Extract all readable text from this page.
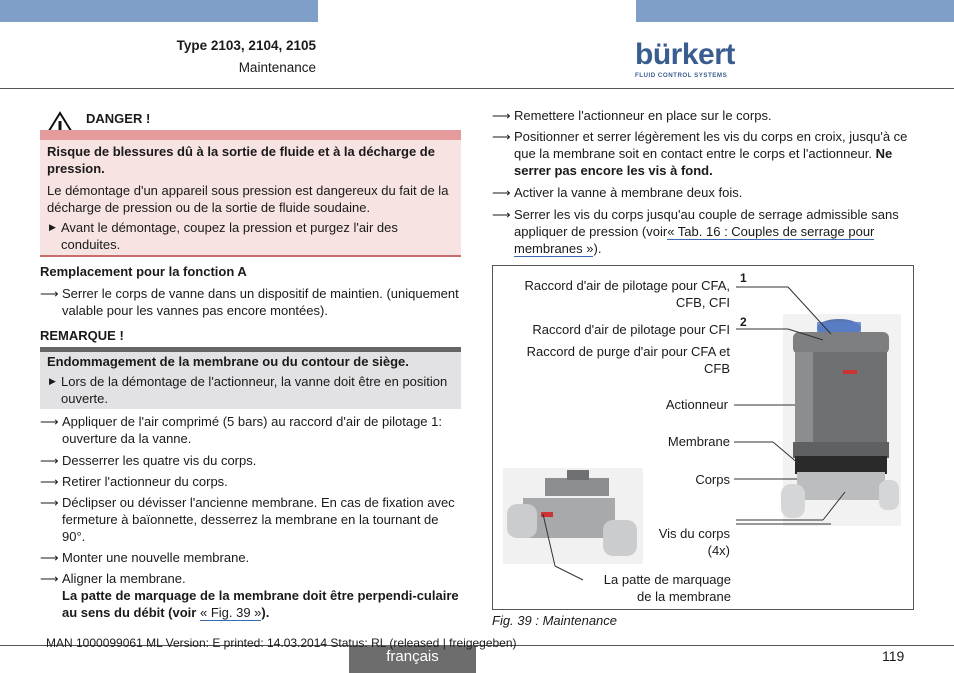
Type 2103, 2104, 2105
Maintenance	bürkert
FLUID CONTROL SYSTEMS
DANGER !
Risque de blessures dû à la sortie de fluide et à la décharge de pression.
Le démontage d'un appareil sous pression est dangereux du fait de la décharge de pression ou de la sortie de fluide soudaine.
▶ Avant le démontage, coupez la pression et purgez l'air des conduites.
Remplacement pour la fonction A
⟶ Serrer le corps de vanne dans un dispositif de maintien. (uniquement valable pour les vannes pas encore montées).
REMARQUE !
Endommagement de la membrane ou du contour de siège.
▶ Lors de la démontage de l'actionneur, la vanne doit être en position ouverte.
⟶ Appliquer de l'air comprimé (5 bars) au raccord d'air de pilotage 1: ouverture da la vanne.
⟶ Desserrer les quatre vis du corps.
⟶ Retirer l'actionneur du corps.
⟶ Déclipser ou dévisser l'ancienne membrane. En cas de fixation avec fermeture à baïonnette, desserrez la membrane en la tournant de 90°.
⟶ Monter une nouvelle membrane.
⟶ Aligner la membrane.
La patte de marquage de la membrane doit être perpendi-culaire au sens du débit (voir « Fig. 39 »).
⟶ Remettere l'actionneur en place sur le corps.
⟶ Positionner et serrer légèrement les vis du corps en croix, jusqu'à ce que la membrane soit en contact entre le corps et l'actionneur. Ne serrer pas encore les vis à fond.
⟶ Activer la vanne à membrane deux fois.
⟶ Serrer les vis du corps jusqu'au couple de serrage admissible sans appliquer de pression (voir« Tab. 16 : Couples de serrage pour membranes »).
1
2
Raccord d'air de pilotage pour CFA, CFB, CFI
Raccord d'air de pilotage pour CFI
Raccord de purge d'air pour CFA et CFB
Actionneur
Membrane
Corps
Vis du corps (4x)
La patte de marquage de la membrane
Fig. 39 : Maintenance
français
MAN 1000099061 ML Version: E printed: 14.03.2014 Status: RL (released | freigegeben)
119
